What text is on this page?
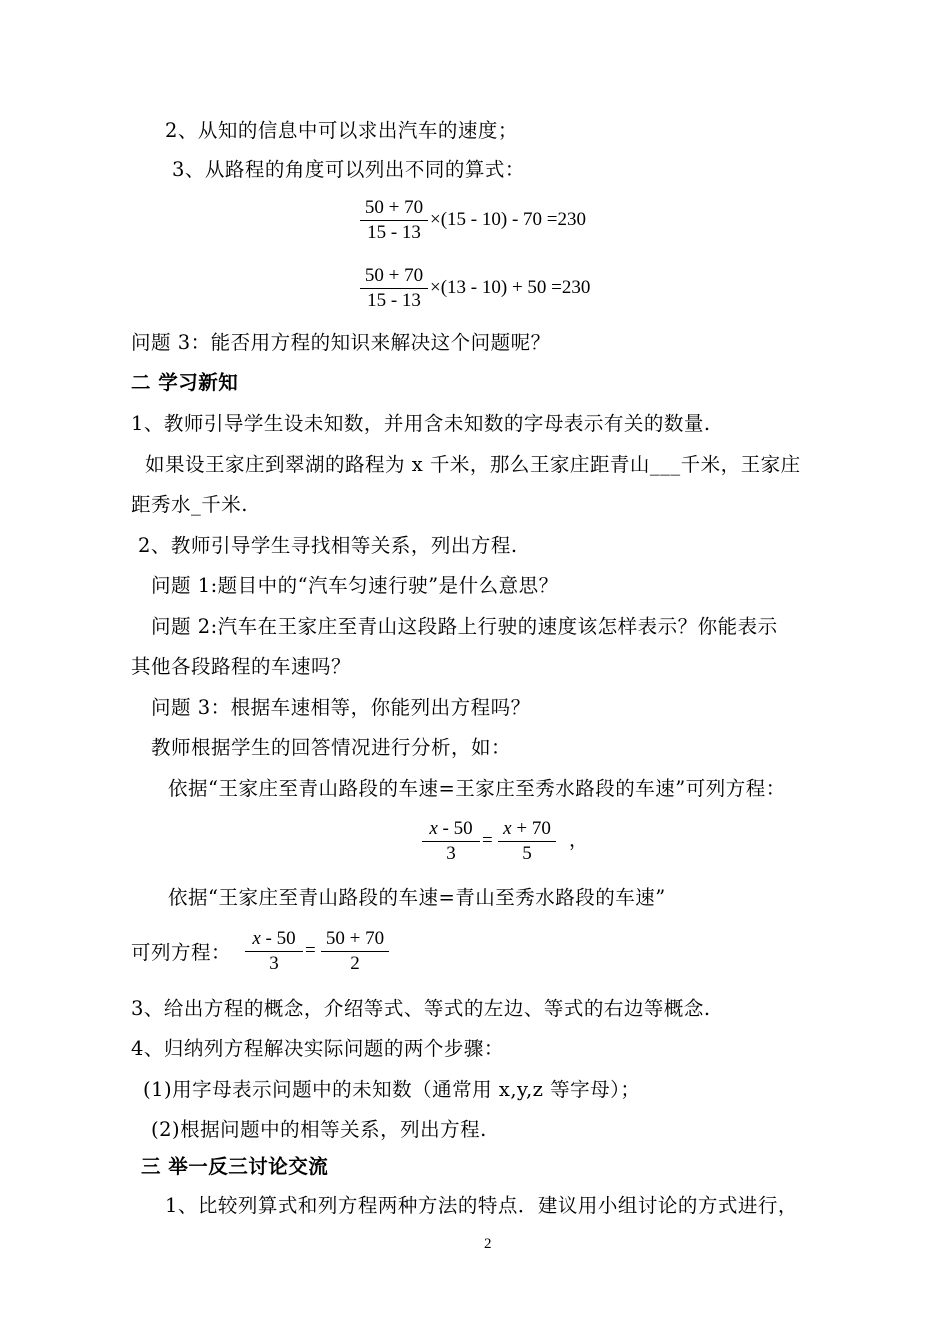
2、从知的信息中可以求出汽车的速度；
3、从路程的角度可以列出不同的算式：
50 + 70
15 - 13
×(15 - 10) - 70 =230
50 + 70
15 - 13
×(13 - 10) + 50 =230
问题 3：能否用方程的知识来解决这个问题呢？
二 学习新知
1、教师引导学生设未知数，并用含未知数的字母表示有关的数量.
如果设王家庄到翠湖的路程为 x 千米，那么王家庄距青山___千米，王家庄
距秀水_千米.
2、教师引导学生寻找相等关系，列出方程.
问题 1:题目中的“汽车匀速行驶”是什么意思？
问题 2:汽车在王家庄至青山这段路上行驶的速度该怎样表示？你能表示
其他各段路程的车速吗？
问题 3：根据车速相等，你能列出方程吗？
教师根据学生的回答情况进行分析，如：
依据“王家庄至青山路段的车速=王家庄至秀水路段的车速”可列方程：
x - 50
3
=
x + 70
5
，
依据“王家庄至青山路段的车速=青山至秀水路段的车速”
可列方程：
x - 50
3
=
50 + 70
2
3、给出方程的概念，介绍等式、等式的左边、等式的右边等概念.
4、归纳列方程解决实际问题的两个步骤：
(1)用字母表示问题中的未知数（通常用 x,y,z 等字母）；
(2)根据问题中的相等关系，列出方程.
三 举一反三讨论交流
1、比较列算式和列方程两种方法的特点．建议用小组讨论的方式进行，
2
